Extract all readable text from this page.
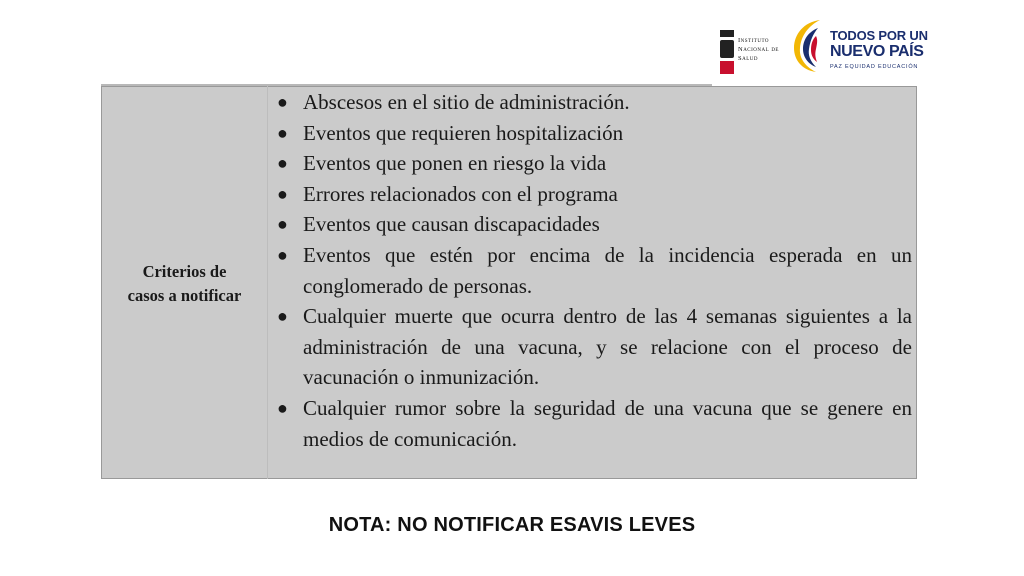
Instituto
Nacional de
Salud
TODOS POR UN
NUEVO PAÍS
PAZ EQUIDAD EDUCACIÓN
Criterios de
casos a notificar
● Abscesos en el sitio de administración.
● Eventos que requieren hospitalización
● Eventos que ponen en riesgo la vida
● Errores relacionados con el programa
● Eventos que causan discapacidades
● Eventos que estén por encima de la incidencia esperada en un conglomerado de personas.
● Cualquier muerte que ocurra dentro de las 4 semanas siguientes a la administración de una vacuna, y se relacione con el proceso de vacunación o inmunización.
● Cualquier rumor sobre la seguridad de una vacuna que se genere en medios de comunicación.
NOTA: NO NOTIFICAR ESAVIS LEVES
